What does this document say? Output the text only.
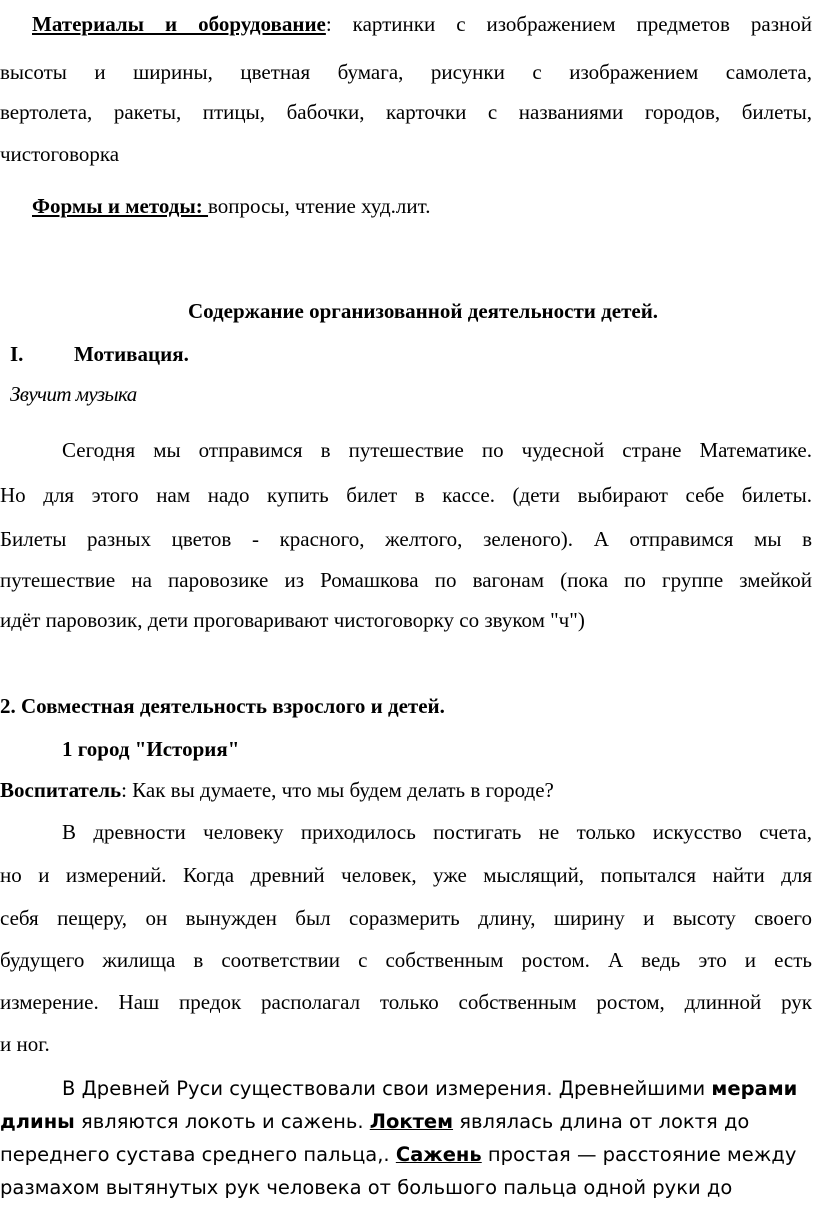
Материалы и оборудование: картинки с изображением предметов разной
высоты и ширины, цветная бумага, рисунки с изображением самолета,
вертолета, ракеты, птицы, бабочки, карточки с названиями городов, билеты,
чистоговорка
Формы и методы: вопросы, чтение худ.лит.
Содержание организованной деятельности детей.
I.	Мотивация.
Звучит музыка
Сегодня мы отправимся в путешествие по чудесной стране Математике.
Но для этого нам надо купить билет в кассе. (дети выбирают себе билеты.
Билеты разных цветов - красного, желтого, зеленого). А отправимся мы в
путешествие на паровозике из Ромашкова по вагонам (пока по группе змейкой
идёт паровозик, дети проговаривают чистоговорку со звуком "ч")
2. Совместная деятельность взрослого и детей.
1 город "История"
Воспитатель: Как вы думаете, что мы будем делать в городе?
В древности человеку приходилось постигать не только искусство счета,
но и измерений. Когда древний человек, уже мыслящий, попытался найти для
себя пещеру, он вынужден был соразмерить длину, ширину и высоту своего
будущего жилища в соответствии с собственным ростом. А ведь это и есть
измерение. Наш предок располагал только собственным ростом, длинной рук
и ног.
В Древней Руси существовали свои измерения. Древнейшими мерами
длины являются локоть и сажень. Локтем являлась длина от локтя до
переднего сустава среднего пальца,. Сажень простая — расстояние между
размахом вытянутых рук человека от большого пальца одной руки до
